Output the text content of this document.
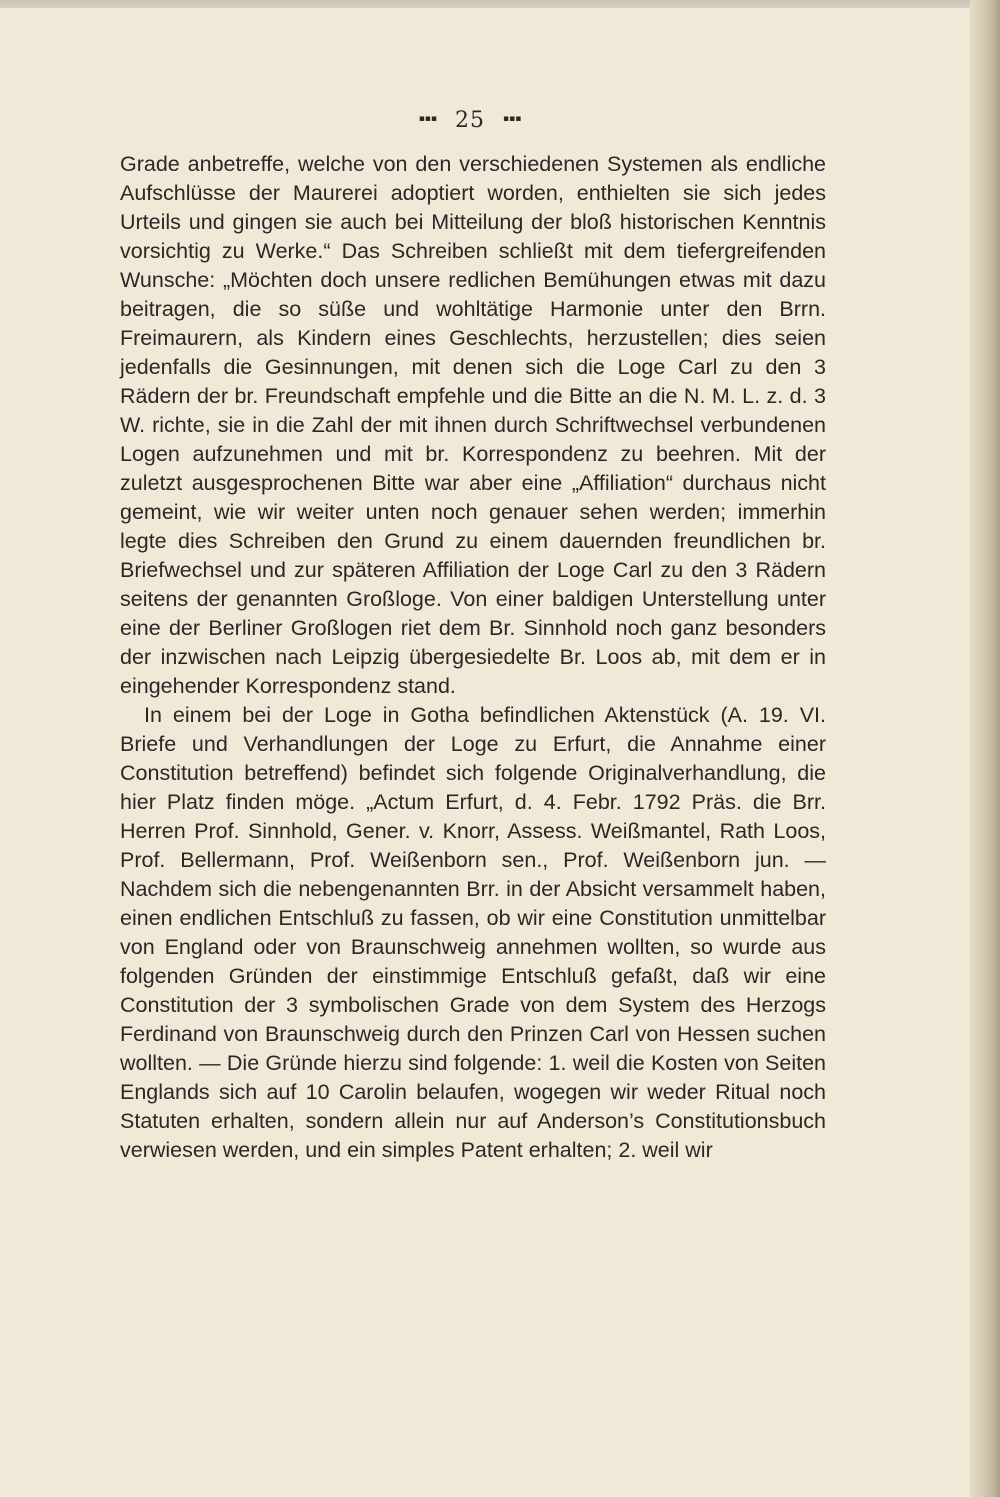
▪▪▪ 25 ▪▪▪

Grade anbetreffe, welche von den verschiedenen Systemen als endliche Aufschlüsse der Maurerei adoptiert worden, enthielten sie sich jedes Urteils und gingen sie auch bei Mitteilung der bloß historischen Kenntnis vorsichtig zu Werke.“ Das Schreiben schließt mit dem tiefergreifenden Wunsche: „Möchten doch unsere redlichen Bemühungen etwas mit dazu beitragen, die so süße und wohltätige Harmonie unter den Brrn. Freimaurern, als Kindern eines Geschlechts, herzustellen; dies seien jedenfalls die Gesinnungen, mit denen sich die Loge Carl zu den 3 Rädern der br. Freundschaft empfehle und die Bitte an die N. M. L. z. d. 3 W. richte, sie in die Zahl der mit ihnen durch Schriftwechsel verbundenen Logen aufzunehmen und mit br. Korrespondenz zu beehren. Mit der zuletzt ausgesprochenen Bitte war aber eine „Affiliation“ durchaus nicht gemeint, wie wir weiter unten noch genauer sehen werden; immerhin legte dies Schreiben den Grund zu einem dauernden freundlichen br. Briefwechsel und zur späteren Affiliation der Loge Carl zu den 3 Rädern seitens der genannten Großloge. Von einer baldigen Unterstellung unter eine der Berliner Großlogen riet dem Br. Sinnhold noch ganz besonders der inzwischen nach Leipzig übergesiedelte Br. Loos ab, mit dem er in eingehender Korrespondenz stand.

In einem bei der Loge in Gotha befindlichen Aktenstück (A. 19. VI. Briefe und Verhandlungen der Loge zu Erfurt, die Annahme einer Constitution betreffend) befindet sich folgende Originalverhandlung, die hier Platz finden möge. „Actum Erfurt, d. 4. Febr. 1792 Präs. die Brr. Herren Prof. Sinnhold, Gener. v. Knorr, Assess. Weißmantel, Rath Loos, Prof. Bellermann, Prof. Weißenborn sen., Prof. Weißenborn jun. — Nachdem sich die nebengenannten Brr. in der Absicht versammelt haben, einen endlichen Entschluß zu fassen, ob wir eine Constitution unmittelbar von England oder von Braunschweig annehmen wollten, so wurde aus folgenden Gründen der einstimmige Entschluß gefaßt, daß wir eine Constitution der 3 symbolischen Grade von dem System des Herzogs Ferdinand von Braunschweig durch den Prinzen Carl von Hessen suchen wollten. — Die Gründe hierzu sind folgende: 1. weil die Kosten von Seiten Englands sich auf 10 Carolin belaufen, wogegen wir weder Ritual noch Statuten erhalten, sondern allein nur auf Anderson’s Constitutionsbuch verwiesen werden, und ein simples Patent erhalten; 2. weil wir
